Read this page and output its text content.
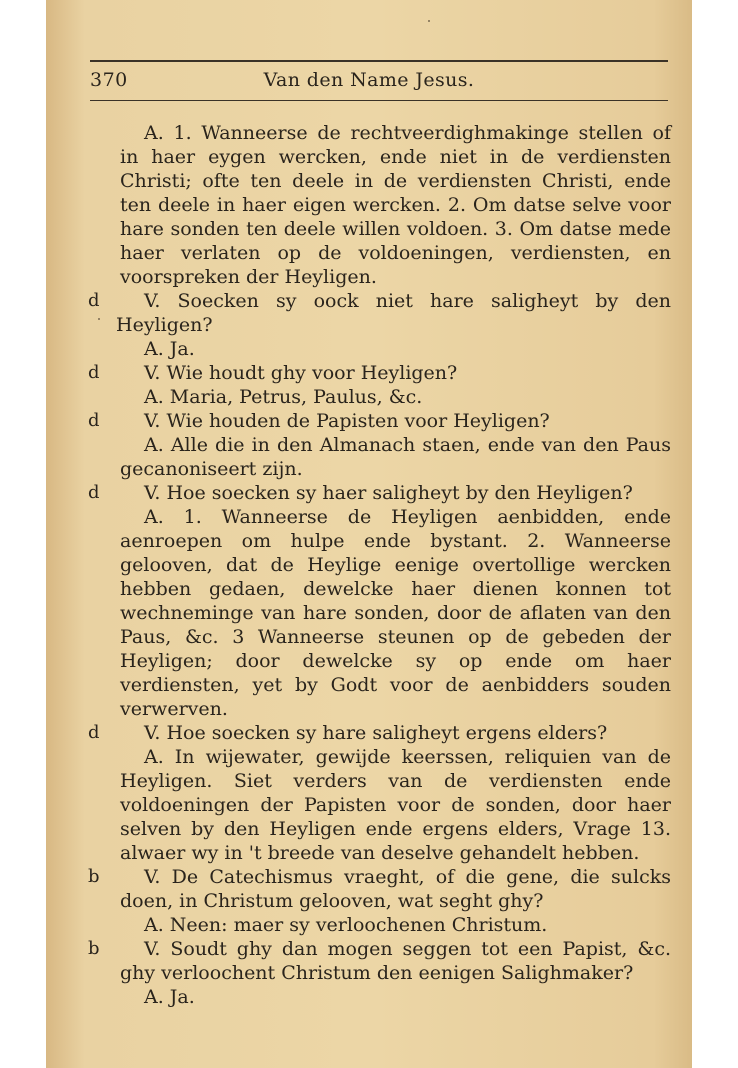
370	Van den Name Jesus.

A. 1. Wanneerse de rechtveerdighmakinge stellen of in haer eygen wercken, ende niet in de verdiensten Christi; ofte ten deele in de verdiensten Christi, ende ten deele in haer eigen wercken. 2. Om datse selve voor hare sonden ten deele willen voldoen. 3. Om datse mede haer verlaten op de voldoeningen, verdiensten, en voorspreken der Heyligen.

d V. Soecken sy oock niet hare saligheyt by den Heyligen?

A. Ja.

d V. Wie houdt ghy voor Heyligen?

A. Maria, Petrus, Paulus, &c.

d V. Wie houden de Papisten voor Heyligen?

A. Alle die in den Almanach staen, ende van den Paus gecanoniseert zijn.

d V. Hoe soecken sy haer saligheyt by den Heyligen?

A. 1. Wanneerse de Heyligen aenbidden, ende aenroepen om hulpe ende bystant. 2. Wanneerse gelooven, dat de Heylige eenige overtollige wercken hebben gedaen, dewelcke haer dienen konnen tot wechneminge van hare sonden, door de aflaten van den Paus, &c. 3 Wanneerse steunen op de gebeden der Heyligen; door dewelcke sy op ende om haer verdiensten, yet by Godt voor de aenbidders souden verwerven.

d V. Hoe soecken sy hare saligheyt ergens elders?

A. In wijewater, gewijde keerssen, reliquien van de Heyligen. Siet verders van de verdiensten ende voldoeningen der Papisten voor de sonden, door haer selven by den Heyligen ende ergens elders, Vrage 13. alwaer wy in 't breede van deselve gehandelt hebben.

b V. De Catechismus vraeght, of die gene, die sulcks doen, in Christum gelooven, wat seght ghy?

A. Neen: maer sy verloochenen Christum.

b V. Soudt ghy dan mogen seggen tot een Papist, &c. ghy verloochent Christum den eenigen Salighmaker?

A. Ja.
